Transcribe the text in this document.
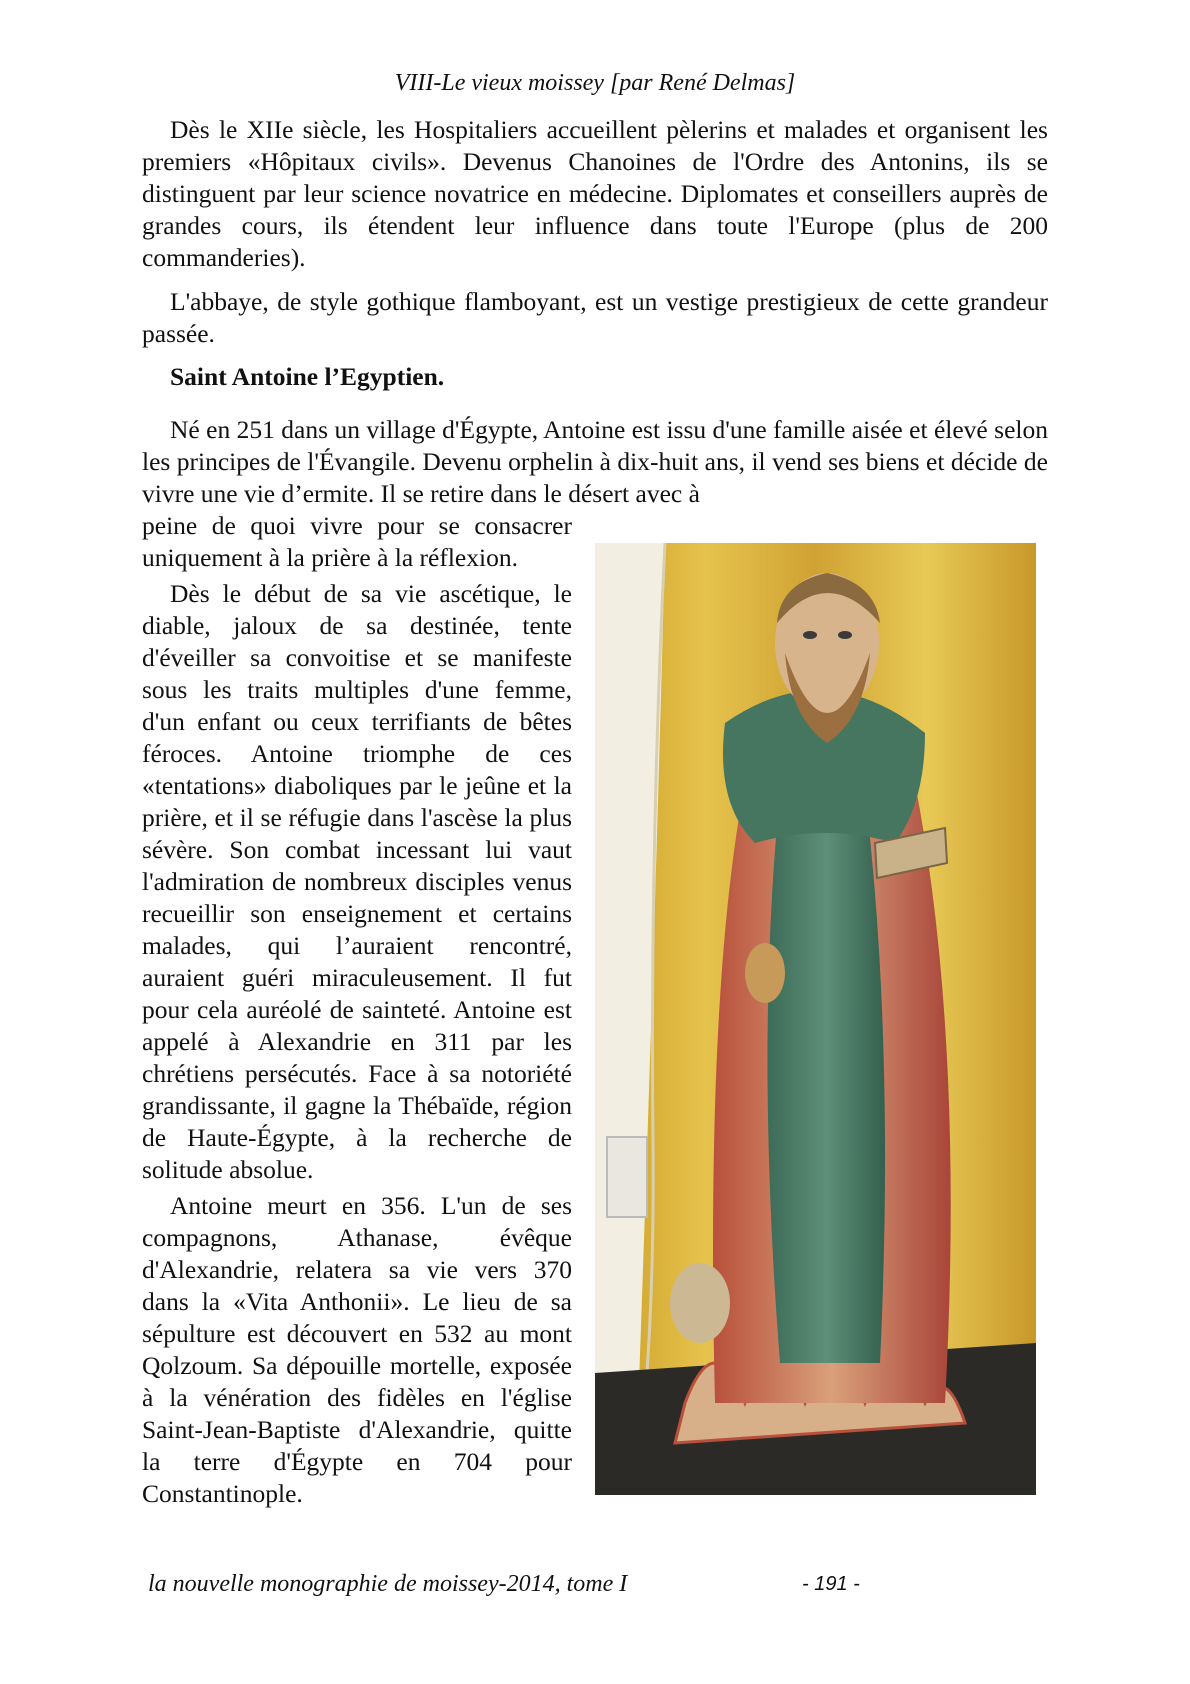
VIII-Le vieux moissey [par René Delmas]

Dès le XIIe siècle, les Hospitaliers accueillent pèlerins et malades et organisent les premiers «Hôpitaux civils». Devenus Chanoines de l'Ordre des Antonins, ils se distinguent par leur science novatrice en médecine. Diplomates et conseillers auprès de grandes cours, ils étendent leur influence dans toute l'Europe (plus de 200 commanderies).

L'abbaye, de style gothique flamboyant, est un vestige prestigieux de cette grandeur passée.

Saint Antoine l’Egyptien.

Né en 251 dans un village d'Égypte, Antoine est issu d'une famille aisée et élevé selon les principes de l'Évangile. Devenu orphelin à dix-huit ans, il vend ses biens et décide de vivre une vie d’ermite. Il se retire dans le désert avec à

peine de quoi vivre pour se consacrer uniquement à la prière à la réflexion.

Dès le début de sa vie ascétique, le diable, jaloux de sa destinée, tente d'éveiller sa convoitise et se manifeste sous les traits multiples d'une femme, d'un enfant ou ceux terrifiants de bêtes féroces. Antoine triomphe de ces «tentations» diaboliques par le jeûne et la prière, et il se réfugie dans l'ascèse la plus sévère. Son combat incessant lui vaut l'admiration de nombreux disciples venus recueillir son enseignement et certains malades, qui l’auraient rencontré, auraient guéri miraculeusement. Il fut pour cela auréolé de sainteté. Antoine est appelé à Alexandrie en 311 par les chrétiens persécutés. Face à sa notoriété grandissante, il gagne la Thébaïde, région de Haute-Égypte, à la recherche de solitude absolue.

Antoine meurt en 356. L'un de ses compagnons, Athanase, évêque d'Alexandrie, relatera sa vie vers 370 dans la «Vita Anthonii». Le lieu de sa sépulture est découvert en 532 au mont Qolzoum. Sa dépouille mortelle, exposée à la vénération des fidèles en l'église Saint-Jean-Baptiste d'Alexandrie, quitte la terre d'Égypte en 704 pour Constantinople.

la nouvelle monographie de moissey-2014, tome I	- 191 -
